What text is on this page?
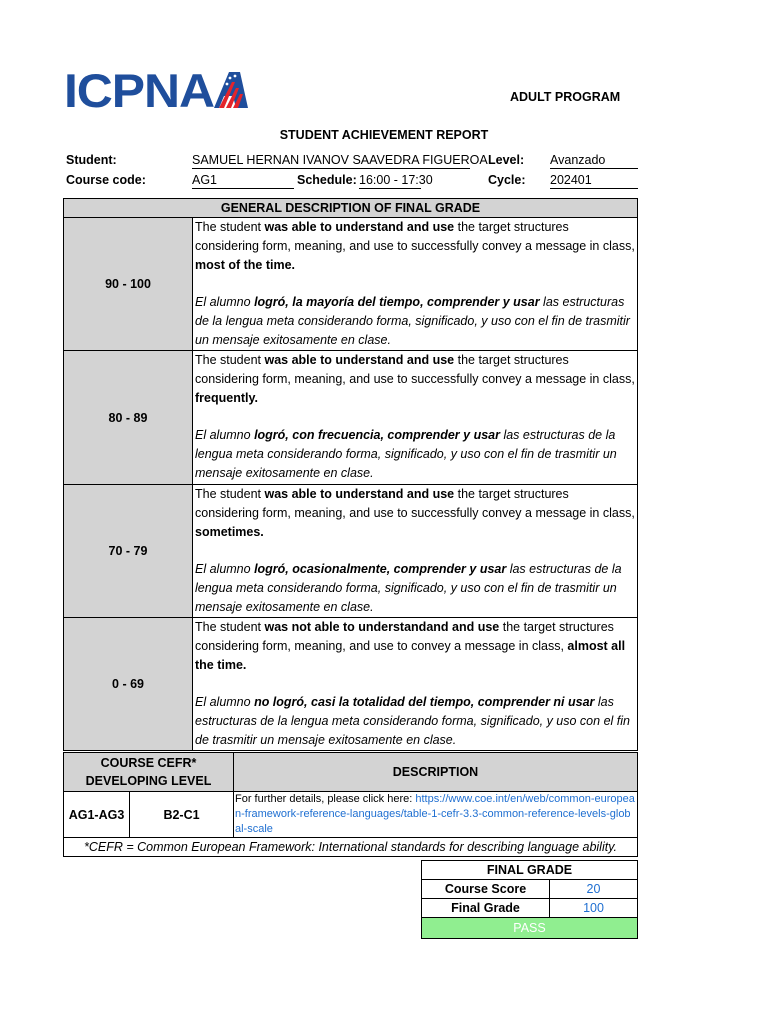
ICPNA	ADULT PROGRAM
STUDENT ACHIEVEMENT REPORT
Student:	SAMUEL HERNAN IVANOV SAAVEDRA FIGUEROA Level: Avanzado
Course code:	AG1	Schedule: 16:00 - 17:30	Cycle: 202401
GENERAL DESCRIPTION OF FINAL GRADE	
90 - 100	The student was able to understand and use the target structures considering form, meaning, and use to successfully convey a message in class, most of the time.

El alumno logró, la mayoría del tiempo, comprender y usar las estructuras de la lengua meta considerando forma, significado, y uso con el fin de trasmitir un mensaje exitosamente en clase.

80 - 89	The student was able to understand and use the target structures considering form, meaning, and use to successfully convey a message in class, frequently.

El alumno logró, con frecuencia, comprender y usar las estructuras de la lengua meta considerando forma, significado, y uso con el fin de trasmitir un mensaje exitosamente en clase.

70 - 79	The student was able to understand and use the target structures considering form, meaning, and use to successfully convey a message in class, sometimes.

El alumno logró, ocasionalmente, comprender y usar las estructuras de la lengua meta considerando forma, significado, y uso con el fin de trasmitir un mensaje exitosamente en clase.

0 - 69	The student was not able to understandand and use the target structures considering form, meaning, and use to convey a message in class, almost all the time.

El alumno no logró, casi la totalidad del tiempo, comprender ni usar las estructuras de la lengua meta considerando forma, significado, y uso con el fin de trasmitir un mensaje exitosamente en clase.

COURSE CEFR*
DEVELOPING LEVEL		DESCRIPTION
AG1-AG3	B2-C1	For further details, please click here: https://www.coe.int/en/web/common-european-framework-reference-languages/table-1-cefr-3.3-common-reference-levels-global-scale
*CEFR = Common European Framework: International standards for describing language ability.		
FINAL GRADE	
Course Score	20
Final Grade	100
PASS	
